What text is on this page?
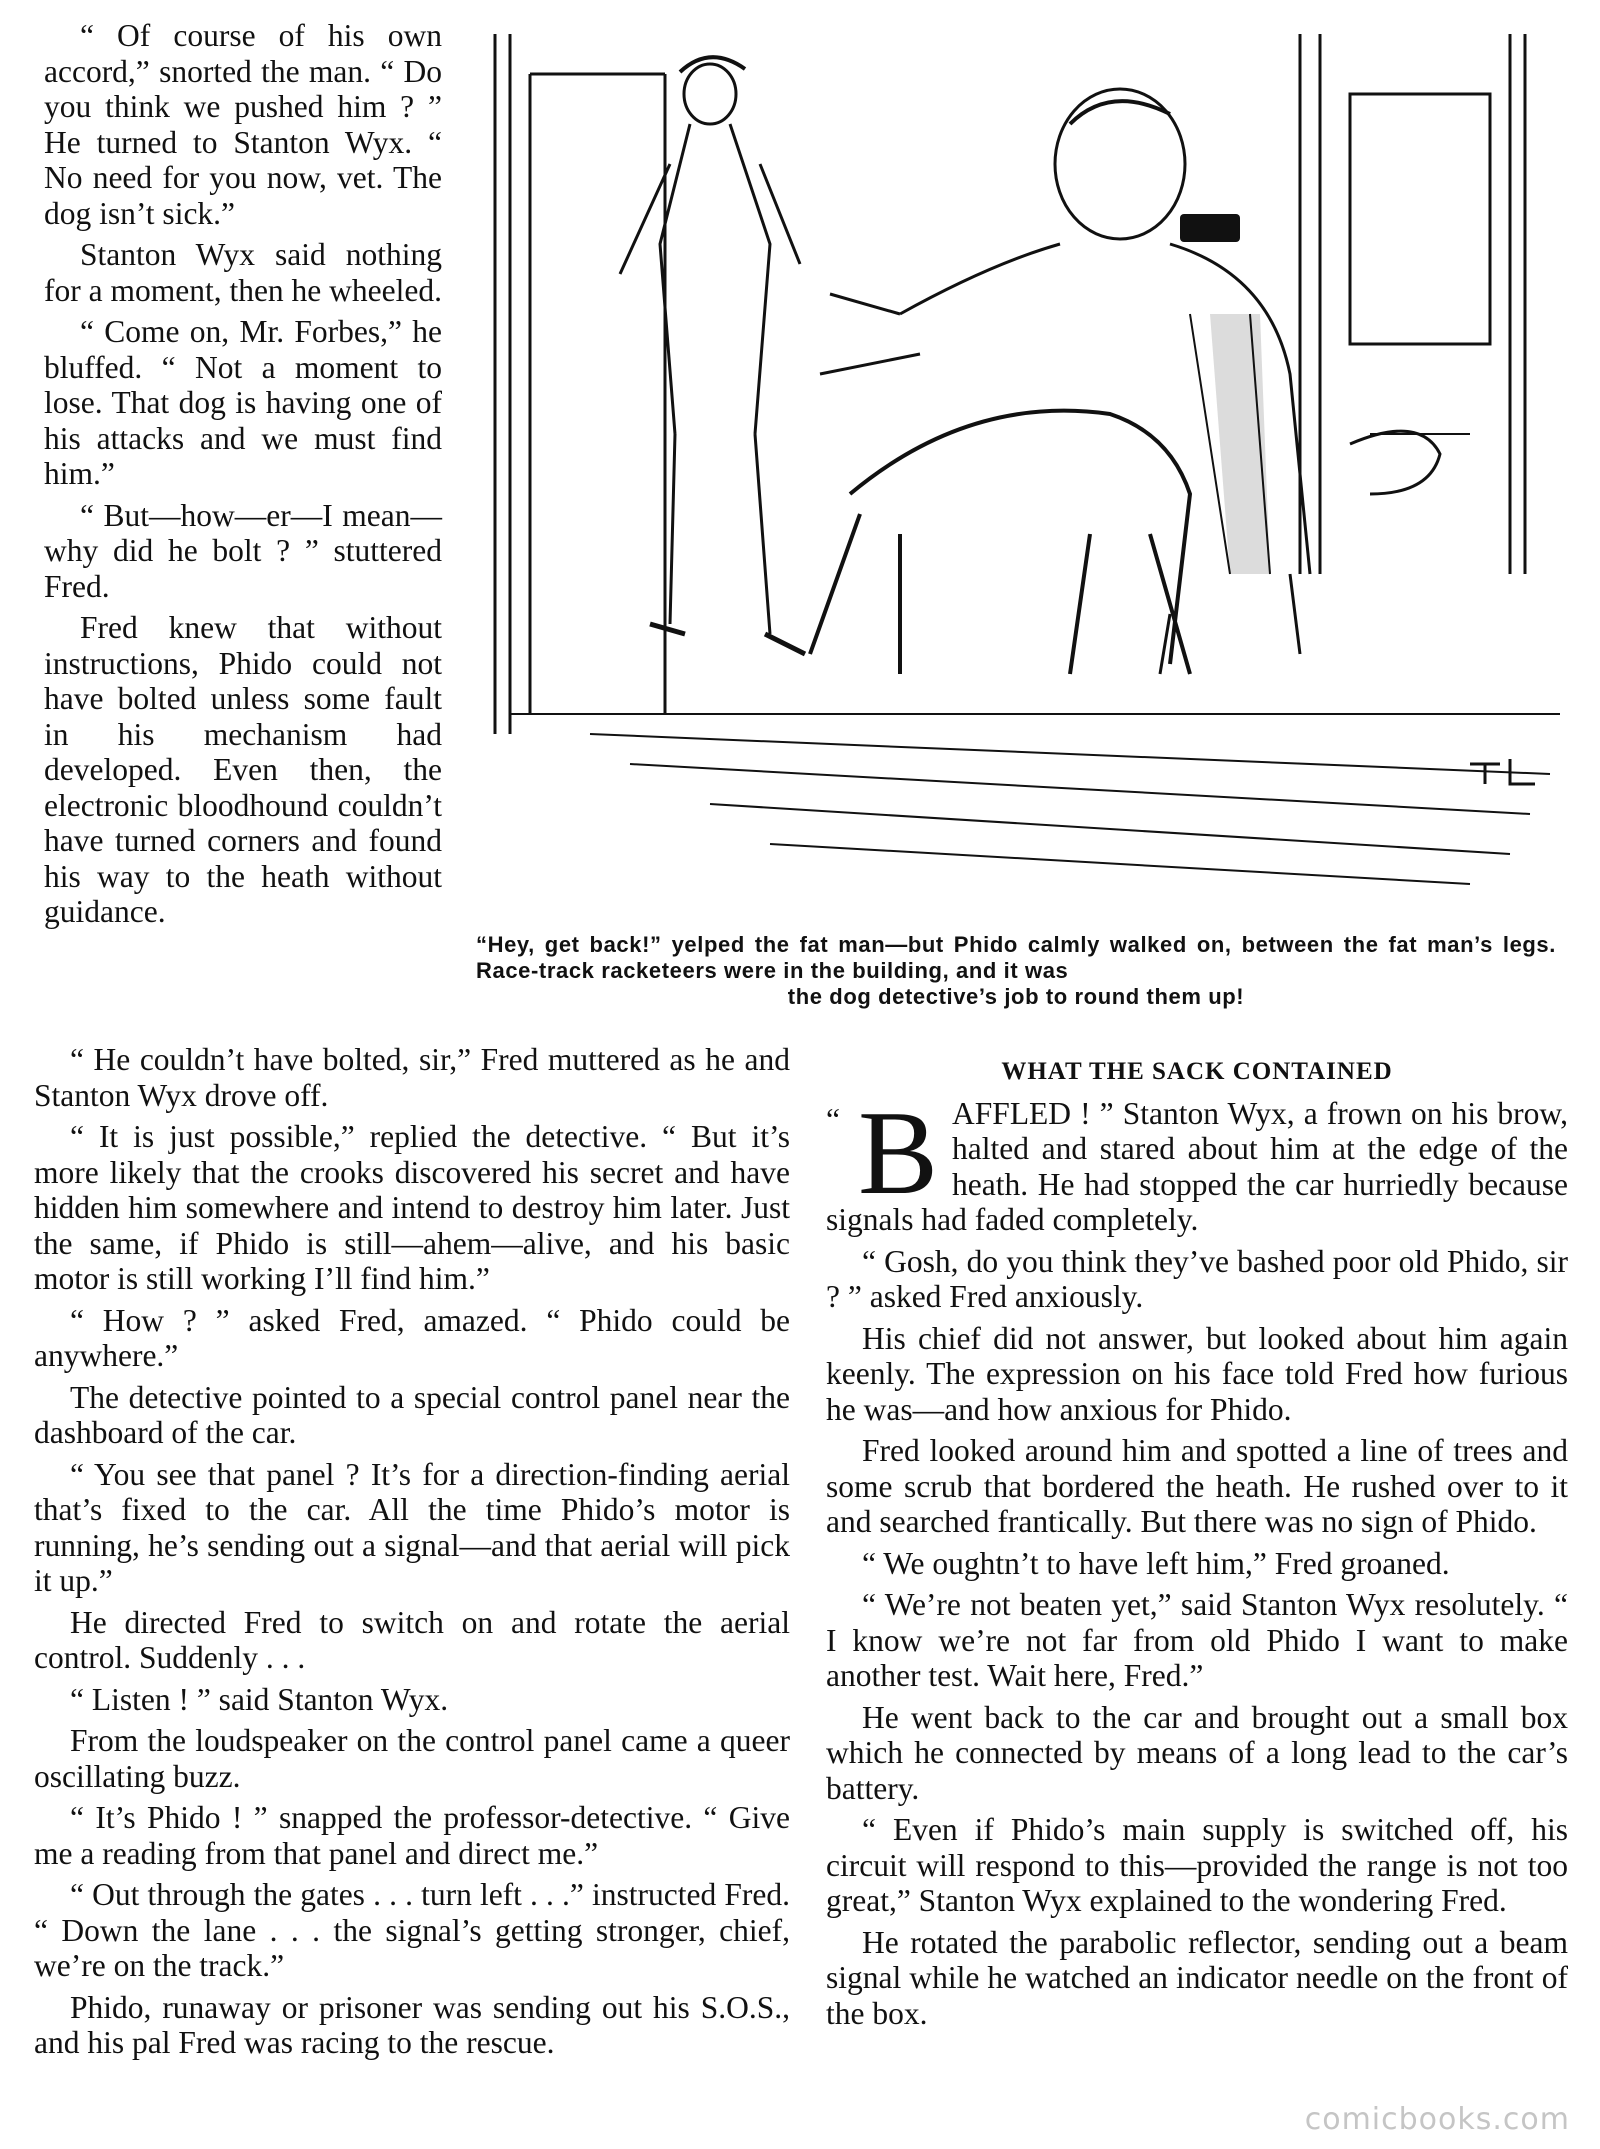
“ Of course of his own accord,” snorted the man. “ Do you think we pushed him ? ” He turned to Stanton Wyx. “ No need for you now, vet. The dog isn’t sick.”

Stanton Wyx said nothing for a moment, then he wheeled.

“ Come on, Mr. Forbes,” he bluffed. “ Not a moment to lose. That dog is having one of his attacks and we must find him.”

“ But—how—er—I mean—why did he bolt ? ” stuttered Fred.

Fred knew that without instructions, Phido could not have bolted unless some fault in his mechanism had developed. Even then, the electronic bloodhound couldn’t have turned corners and found his way to the heath without guidance.

“Hey, get back!” yelped the fat man—but Phido calmly walked on, between the fat man’s legs. Race-track racketeers were in the building, and it was
the dog detective’s job to round them up!

“ He couldn’t have bolted, sir,” Fred muttered as he and Stanton Wyx drove off.

“ It is just possible,” replied the detective. “ But it’s more likely that the crooks discovered his secret and have hidden him somewhere and intend to destroy him later. Just the same, if Phido is still—ahem—alive, and his basic motor is still working I’ll find him.”

“ How ? ” asked Fred, amazed. “ Phido could be anywhere.”

The detective pointed to a special control panel near the dashboard of the car.

“ You see that panel ? It’s for a direction-finding aerial that’s fixed to the car. All the time Phido’s motor is running, he’s sending out a signal—and that aerial will pick it up.”

He directed Fred to switch on and rotate the aerial control. Suddenly . . .

“ Listen ! ” said Stanton Wyx.

From the loudspeaker on the control panel came a queer oscillating buzz.

“ It’s Phido ! ” snapped the professor-detective. “ Give me a reading from that panel and direct me.”

“ Out through the gates . . . turn left . . .” instructed Fred. “ Down the lane . . . the signal’s getting stronger, chief, we’re on the track.”

Phido, runaway or prisoner was sending out his S.O.S., and his pal Fred was racing to the rescue.

WHAT THE SACK CONTAINED

“ B AFFLED ! ” Stanton Wyx, a frown on his brow, halted and stared about him at the edge of the heath. He had stopped the car hurriedly because signals had faded completely.

“ Gosh, do you think they’ve bashed poor old Phido, sir ? ” asked Fred anxiously.

His chief did not answer, but looked about him again keenly. The expression on his face told Fred how furious he was—and how anxious for Phido.

Fred looked around him and spotted a line of trees and some scrub that bordered the heath. He rushed over to it and searched frantically. But there was no sign of Phido.

“ We oughtn’t to have left him,” Fred groaned.

“ We’re not beaten yet,” said Stanton Wyx resolutely. “ I know we’re not far from old Phido I want to make another test. Wait here, Fred.”

He went back to the car and brought out a small box which he connected by means of a long lead to the car’s battery.

“ Even if Phido’s main supply is switched off, his circuit will respond to this—provided the range is not too great,” Stanton Wyx explained to the wondering Fred.

He rotated the parabolic reflector, sending out a beam signal while he watched an indicator needle on the front of the box.

comicbooks.com
